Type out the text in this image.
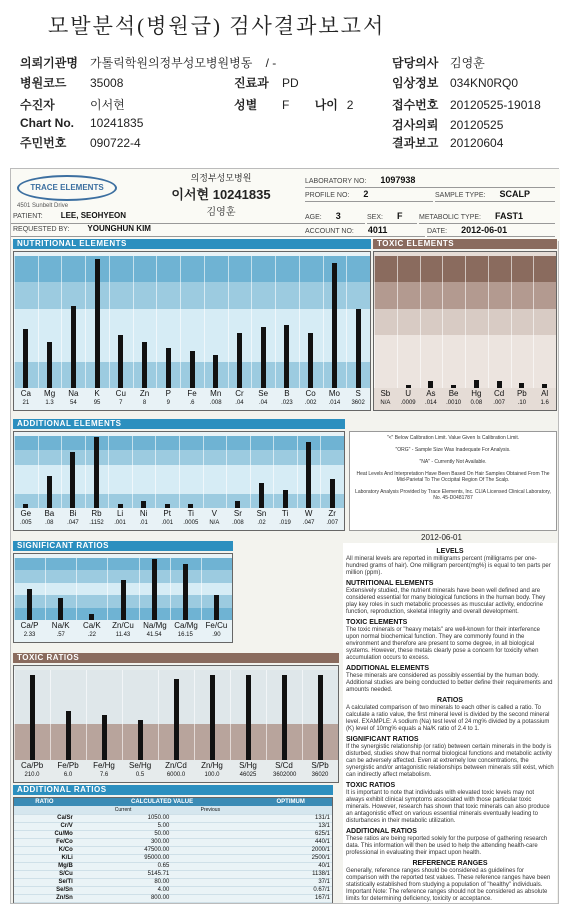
모발분석(병원급) 검사결과보고서
의뢰기관명 가톨릭학원의정부성모병원병동 / -	담당의사 김영훈
병원코드 35008	진료과 PD	임상정보 034KN0RQ0
수진자	이서현	성별 F 나이 2	접수번호 20120525-19018
Chart No. 10241835	검사의뢰 20120525
주민번호 090722-4	결과보고 20120604
TRACE ELEMENTS
4501 Sunbelt Drive
의정부성모병원
이서현 10241835
김영훈
LABORATORY NO: 1097938
PROFILE NO: 2	SAMPLE TYPE: SCALP
AGE: 3	SEX: F	METABOLIC TYPE: FAST1
ACCOUNT NO: 4011	DATE: 2012-06-01
PATIENT: LEE, SEOHYEON
REQUESTED BY: YOUNGHUN KIM
NUTRITIONAL ELEMENTS	TOXIC ELEMENTS
Ca
21
Mg
1.3
Na
54
K
95
Cu
7
Zn
8
P
9
Fe
.6
Mn
.008
Cr
.04
Se
.04
B
.023
Co
.002
Mo
.014
S
3602
Sb
N/A
U
.0009
As
.014
Be
.0010
Hg
0.08
Cd
.007
Pb
.10
Al
1.6
ADDITIONAL ELEMENTS
Ge
.005
Ba
.08
Bi
.047
Rb
.1152
Li
.001
Ni
.01
Pt
.001
Ti
.0005
V
N/A
Sr
.008
Sn
.02
Ti
.019
W
.047
Zr
.007
"<" Below Calibration Limit. Value Given Is Calibration Limit.
"ORG" - Sample Size Was Inadequate For Analysis.
"NA" - Currently Not Available.
Heat Levels And Interpretation Have Been Based On Hair Samples Obtained From The Mid-Parietal To The Occipital Region Of The Scalp.
Laboratory Analysis Provided by Trace Elements, Inc. CLIA Licensed Clinical Laboratory, No. 45-D0481787
2012-06-01
SIGNIFICANT RATIOS
Ca/P
2.33
Na/K
.57
Ca/K
.22
Zn/Cu
11.43
Na/Mg
41.54
Ca/Mg
16.15
Fe/Cu
.90
TOXIC RATIOS
Ca/Pb
210.0
Fe/Pb
6.0
Fe/Hg
7.6
Se/Hg
0.5
Zn/Cd
6000.0
Zn/Hg
100.0
S/Hg
46025
S/Cd
3602000
S/Pb
36020
ADDITIONAL RATIOS
RATIO	CALCULATED VALUE		OPTIMUM
	Current	Previous	
Ca/Sr	1050.00		131/1
Cr/V	5.00		13/1
Cu/Mo	50.00		625/1
Fe/Co	300.00		440/1
K/Co	47500.00		2000/1
K/Li	95000.00		2500/1
Mg/B	0.65		40/1
S/Cu	5145.71		1138/1
Se/Tl	80.00		37/1
Se/Sn	4.00		0.67/1
Zn/Sn	800.00		167/1
LEVELS

All mineral levels are reported in milligrams percent (milligrams per one-hundred grams of hair). One milligram percent(mg%) is equal to ten parts per million (ppm).

NUTRITIONAL ELEMENTS

Extensively studied, the nutrient minerals have been well defined and are considered essential for many biological functions in the human body. They play key roles in such metabolic processes as muscular activity, endocrine function, reproduction, skeletal integrity and overall development.

TOXIC ELEMENTS

The toxic minerals or "heavy metals" are well-known for their interference upon normal biochemical function. They are commonly found in the environment and therefore are present to some degree, in all biological systems. However, these metals clearly pose a concern for toxicity when accumulation occurs to excess.

ADDITIONAL ELEMENTS

These minerals are considered as possibly essential by the human body. Additional studies are being conducted to better define their requirements and amounts needed.

RATIOS

A calculated comparison of two minerals to each other is called a ratio. To calculate a ratio value, the first mineral level is divided by the second mineral level. EXAMPLE: A sodium (Na) test level of 24 mg% divided by a potassium (K) level of 10mg% equals a Na/K ratio of 2.4 to 1.

SIGNIFICANT RATIOS

If the synergistic relationship (or ratio) between certain minerals in the body is disturbed, studies show that normal biological functions and metabolic activity can be adversely affected. Even at extremely low concentrations, the synergistic and/or antagonistic relationships between minerals still exist, which can indirectly affect metabolism.

TOXIC RATIOS

It is important to note that individuals with elevated toxic levels may not always exhibit clinical symptoms associated with those particular toxic minerals. However, research has shown that toxic minerals can also produce an antagonistic effect on various essential minerals eventually leading to disturbances in their metabolic utilization.

ADDITIONAL RATIOS

These ratios are being reported solely for the purpose of gathering research data. This information will then be used to help the attending health-care professional in evaluating their impact upon health.

REFERENCE RANGES

Generally, reference ranges should be considered as guidelines for comparison with the reported test values. These reference ranges have been statistically established from studying a population of "healthy" individuals.

Important Note: The reference ranges should not be considered as absolute limits for determining deficiency, toxicity or acceptance.
